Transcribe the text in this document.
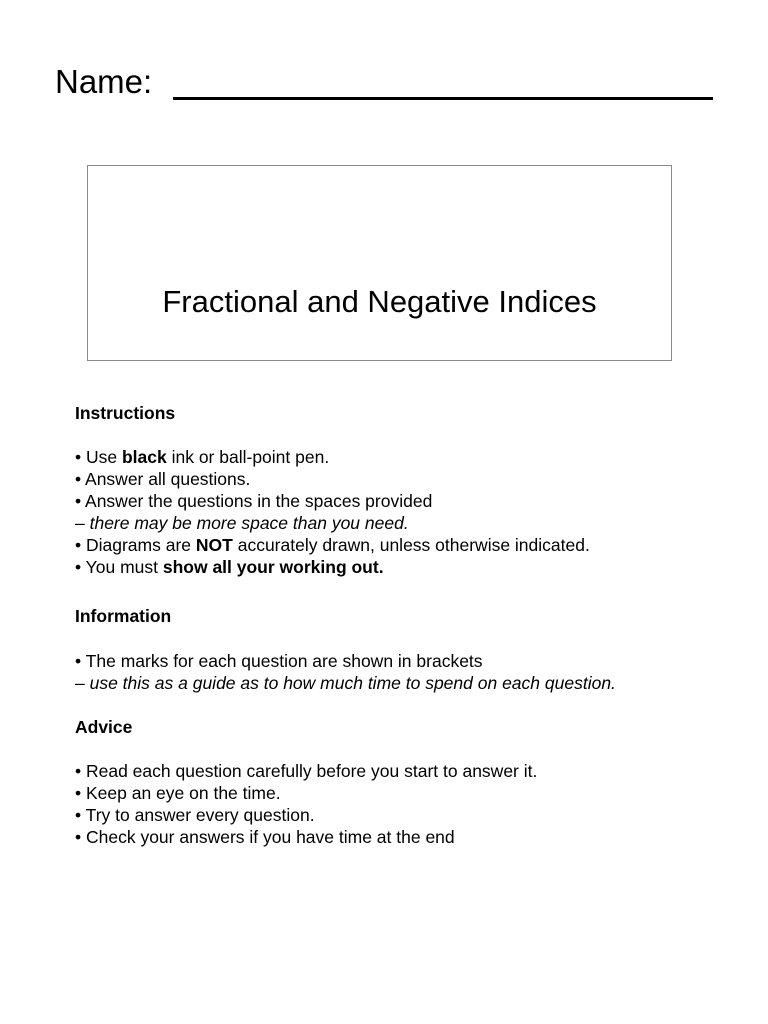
Name:
Fractional and Negative Indices

Instructions

• Use black ink or ball-point pen.

• Answer all questions.

• Answer the questions in the spaces provided

– there may be more space than you need.

• Diagrams are NOT accurately drawn, unless otherwise indicated.

• You must show all your working out.

Information

• The marks for each question are shown in brackets

– use this as a guide as to how much time to spend on each question.

Advice

• Read each question carefully before you start to answer it.

• Keep an eye on the time.

• Try to answer every question.

• Check your answers if you have time at the end
